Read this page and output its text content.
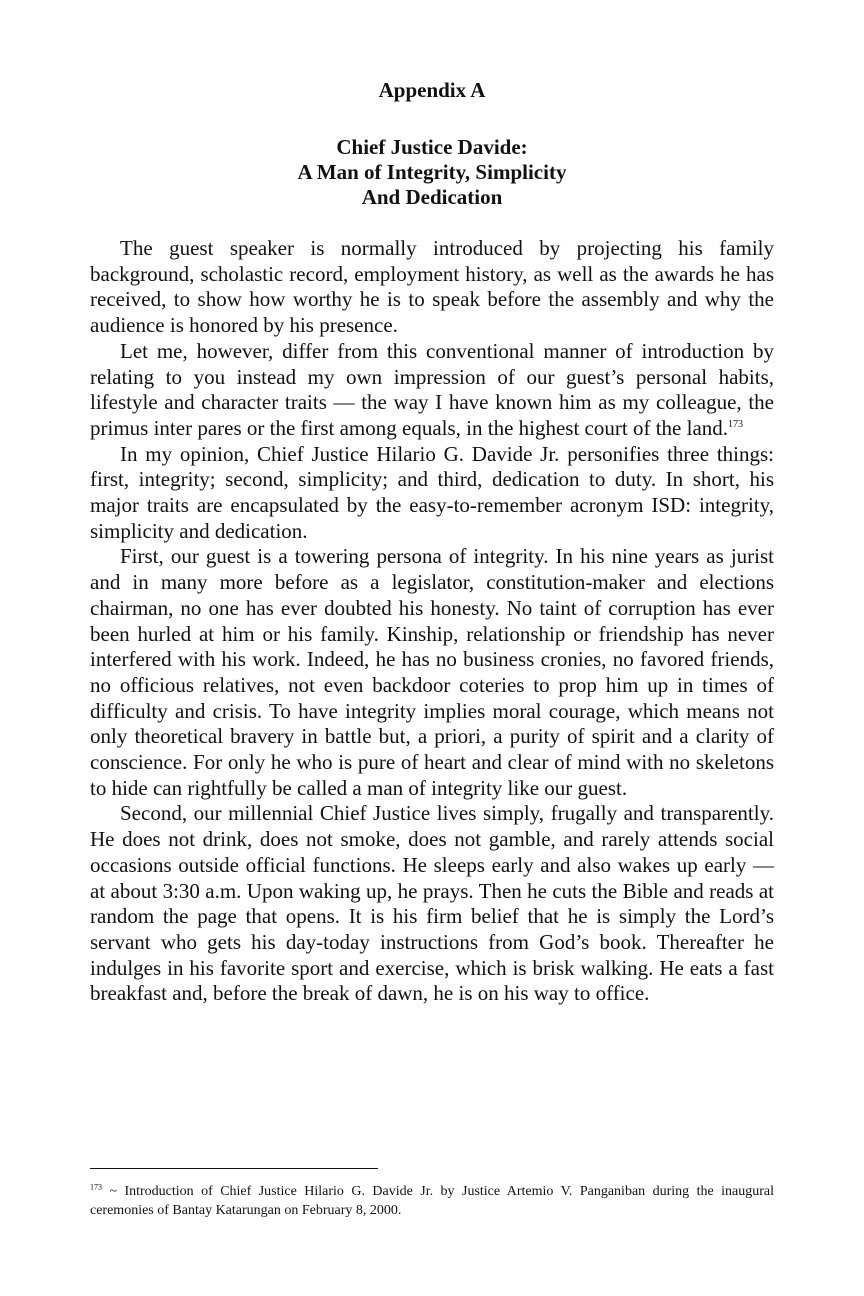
Appendix A
Chief Justice Davide:
A Man of Integrity, Simplicity
And Dedication

The guest speaker is normally introduced by projecting his family background, scholastic record, employment history, as well as the awards he has received, to show how worthy he is to speak before the assembly and why the audience is honored by his presence.

Let me, however, differ from this conventional manner of introduction by relating to you instead my own impression of our guest’s personal habits, lifestyle and character traits — the way I have known him as my colleague, the primus inter pares or the first among equals, in the highest court of the land.$^{173}$

In my opinion, Chief Justice Hilario G. Davide Jr. personifies three things: first, integrity; second, simplicity; and third, dedication to duty. In short, his major traits are encapsulated by the easy-to-remember acronym ISD: integrity, simplicity and dedication.

First, our guest is a towering persona of integrity. In his nine years as jurist and in many more before as a legislator, constitution-maker and elections chairman, no one has ever doubted his honesty. No taint of corruption has ever been hurled at him or his family. Kinship, relationship or friendship has never interfered with his work. Indeed, he has no business cronies, no favored friends, no officious relatives, not even backdoor coteries to prop him up in times of difficulty and crisis. To have integrity implies moral courage, which means not only theoretical bravery in battle but, a priori, a purity of spirit and a clarity of conscience. For only he who is pure of heart and clear of mind with no skeletons to hide can rightfully be called a man of integrity like our guest.

Second, our millennial Chief Justice lives simply, frugally and transparently. He does not drink, does not smoke, does not gamble, and rarely attends social occasions outside official functions. He sleeps early and also wakes up early — at about 3:30 a.m. Upon waking up, he prays. Then he cuts the Bible and reads at random the page that opens. It is his firm belief that he is simply the Lord’s servant who gets his day-today instructions from God’s book. Thereafter he indulges in his favorite sport and exercise, which is brisk walking. He eats a fast breakfast and, before the break of dawn, he is on his way to office.

$^{173}$ ~ Introduction of Chief Justice Hilario G. Davide Jr. by Justice Artemio V. Panganiban during the inaugural ceremonies of Bantay Katarungan on February 8, 2000.
